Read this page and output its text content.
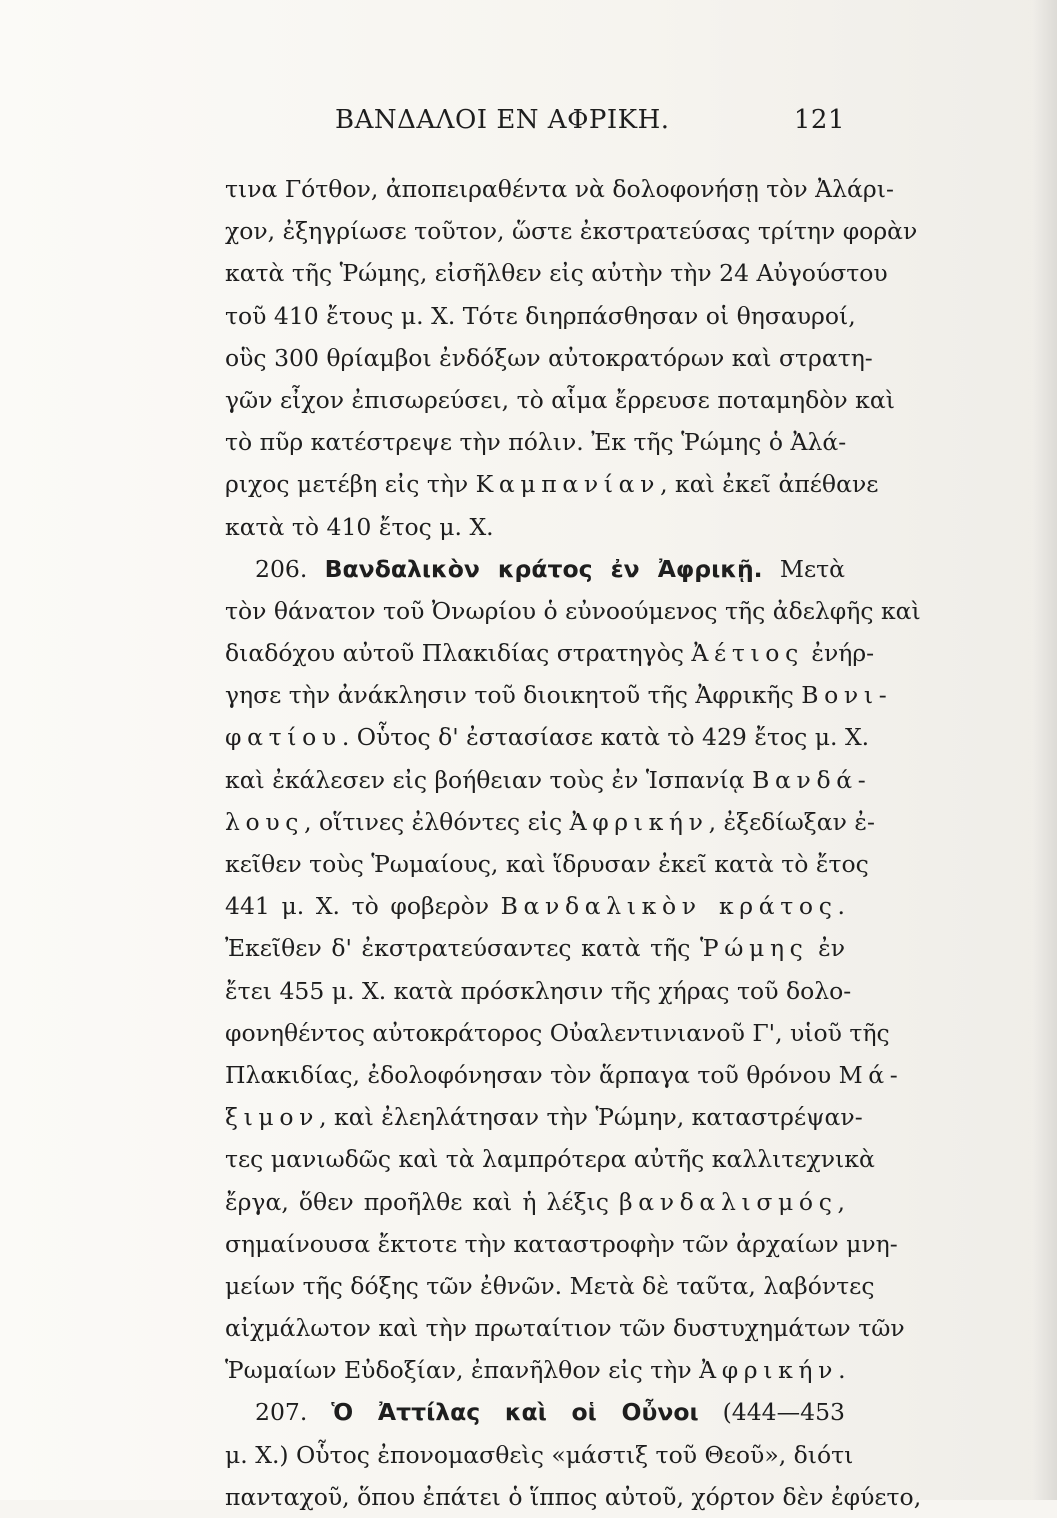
ΒΑΝΔΑΛΟΙ ΕΝ ΑΦΡΙΚΗ.	121
τινα Γότθον, ἀποπειραθέντα νὰ δολοφονήσῃ τὸν Ἀλάρι-
χον, ἐξηγρίωσε τοῦτον, ὥστε ἐκστρατεύσας τρίτην φορὰν
κατὰ τῆς Ῥώμης, εἰσῆλθεν εἰς αὐτὴν τὴν 24 Αὐγούστου
τοῦ 410 ἔτους μ. Χ. Τότε διηρπάσθησαν οἱ θησαυροί,
οὓς 300 θρίαμβοι ἐνδόξων αὐτοκρατόρων καὶ στρατη-
γῶν εἶχον ἐπισωρεύσει, τὸ αἷμα ἔρρευσε ποταμηδὸν καὶ
τὸ πῦρ κατέστρεψε τὴν πόλιν. Ἐκ τῆς Ῥώμης ὁ Ἀλά-
ριχος μετέβη εἰς τὴν Καμπανίαν, καὶ ἐκεῖ ἀπέθανε
κατὰ τὸ 410 ἔτος μ. Χ.
206. Βανδαλικὸν κράτος ἐν Ἀφρικῇ. Μετὰ
τὸν θάνατον τοῦ Ὀνωρίου ὁ εὐνοούμενος τῆς ἀδελφῆς καὶ
διαδόχου αὐτοῦ Πλακιδίας στρατηγὸς Ἀέτιος ἐνήρ-
γησε τὴν ἀνάκλησιν τοῦ διοικητοῦ τῆς Ἀφρικῆς Βονι-
φατίου. Οὗτος δ' ἐστασίασε κατὰ τὸ 429 ἔτος μ. Χ.
καὶ ἐκάλεσεν εἰς βοήθειαν τοὺς ἐν Ἱσπανίᾳ Βανδά-
λους, οἵτινες ἐλθόντες εἰς Ἀφρικήν, ἐξεδίωξαν ἐ-
κεῖθεν τοὺς Ῥωμαίους, καὶ ἵδρυσαν ἐκεῖ κατὰ τὸ ἔτος
441 μ. Χ. τὸ φοβερὸν Βανδαλικὸν κράτος.
Ἐκεῖθεν δ' ἐκστρατεύσαντες κατὰ τῆς Ῥώμης ἐν
ἔτει 455 μ. Χ. κατὰ πρόσκλησιν τῆς χήρας τοῦ δολο-
φονηθέντος αὐτοκράτορος Οὐαλεντινιανοῦ Γ', υἱοῦ τῆς
Πλακιδίας, ἐδολοφόνησαν τὸν ἅρπαγα τοῦ θρόνου Μά-
ξιμον, καὶ ἐλεηλάτησαν τὴν Ῥώμην, καταστρέψαν-
τες μανιωδῶς καὶ τὰ λαμπρότερα αὐτῆς καλλιτεχνικὰ
ἔργα, ὅθεν προῆλθε καὶ ἡ λέξις βανδαλισμός,
σημαίνουσα ἔκτοτε τὴν καταστροφὴν τῶν ἀρχαίων μνη-
μείων τῆς δόξης τῶν ἐθνῶν. Μετὰ δὲ ταῦτα, λαβόντες
αἰχμάλωτον καὶ τὴν πρωταίτιον τῶν δυστυχημάτων τῶν
Ῥωμαίων Εὐδοξίαν, ἐπανῆλθον εἰς τὴν Ἀφρικήν.
207. Ὁ Ἀττίλας καὶ οἱ Οὖνοι (444—453
μ. Χ.) Οὗτος ἐπονομασθεὶς «μάστιξ τοῦ Θεοῦ», διότι
πανταχοῦ, ὅπου ἐπάτει ὁ ἵππος αὐτοῦ, χόρτον δὲν ἐφύετο,
